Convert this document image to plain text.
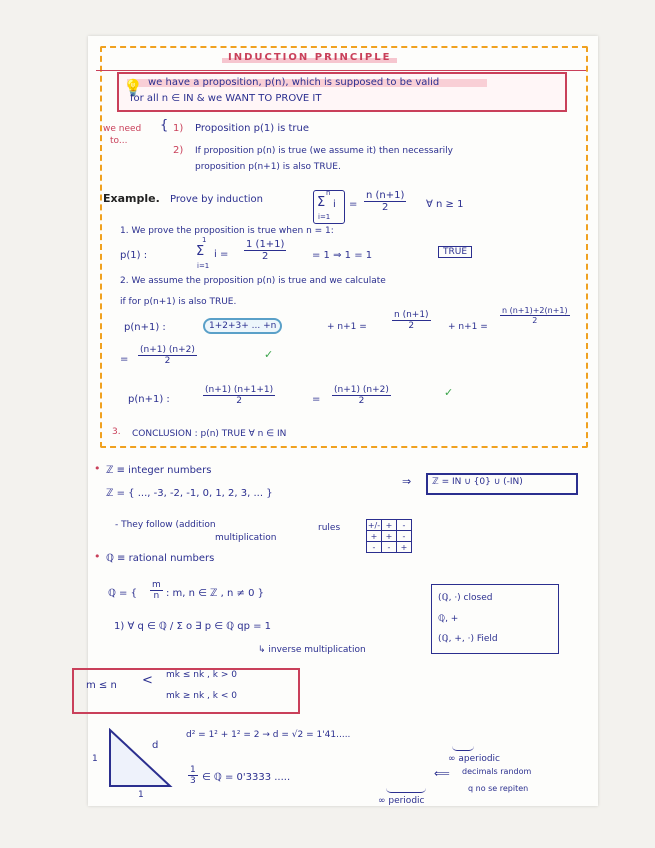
INDUCTION PRINCIPLE
💡 we have a proposition, p(n), which is supposed to be valid
for all n ∈ IN & we WANT TO PROVE IT
we need
to...
{ 1) Proposition p(1) is true
2) If proposition p(n) is true (we assume it) then necessarily
proposition p(n+1) is also TRUE.
Example. Prove by induction
n
Σ i
i=1
= $\frac{n (n+1)}{2}$ ∀ n ≥ 1
1. We prove the proposition is true when n = 1:
p(1) :
1
Σ i =
i=1
$\frac{1 (1+1)}{2}$	= 1 ⇒ 1 = 1	TRUE
2. We assume the proposition p(n) is true and we calculate
if for p(n+1) is also TRUE.
p(n+1) :	1+2+3+ ... +n	+ n+1 =	$\frac{n (n+1)}{2} + n+1$ =
$\frac{n (n+1)+2(n+1)}{2}$
= $\frac{(n+1) (n+2)}{2}$	✓
p(n+1) :	$\frac{(n+1) (n+1+1)}{2}$	= $\frac{(n+1) (n+2)}{2}$	✓
3. CONCLUSION : p(n) TRUE ∀ n ∈ IN
• ℤ ≡ integer numbers
ℤ = { ..., -3, -2, -1, 0, 1, 2, 3, ... }
⇒ ℤ = IN ∪ {0} ∪ (-IN)
- They follow (addition
multiplication
rules	+/-	+	-
+	+	-
-	-	+
• ℚ ≡ rational numbers
ℚ = { $\frac{m}{n}$ : m, n ∈ ℤ , n ≠ 0 }
1) ∀ q ∈ ℚ / Σ o ∃ p ∈ ℚ qp = 1
↳ inverse multiplication
(ℚ, ·) closed
ℚ, +
(ℚ, +, ·) Field
m ≤ n < mk ≤ nk , k > 0
mk ≥ nk , k < 0
1
1
d
d² = 1² + 1² = 2 → d = √2 = 1'41.....
∞ aperiodic
$\frac{1}{3}$ ∈ ℚ = 0'3333 .....	⟸ decimals random
q no se repiten
∞ periodic
